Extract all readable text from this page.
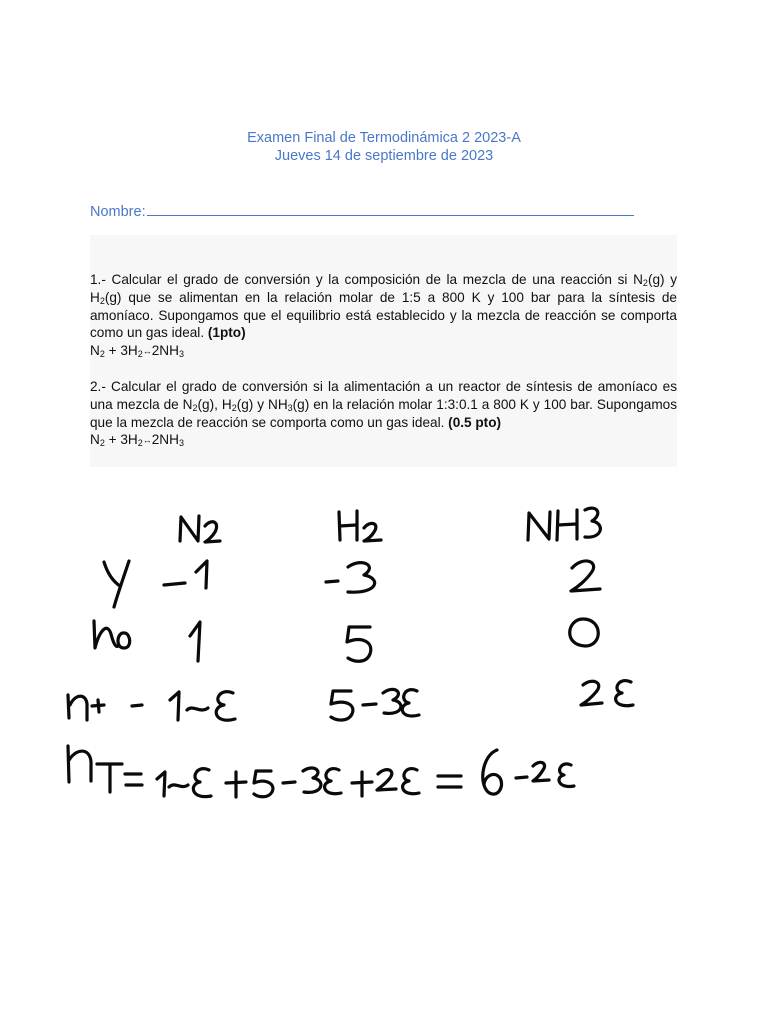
Examen Final de Termodinámica 2 2023-A
Jueves 14 de septiembre de 2023
Nombre:
1.- Calcular el grado de conversión y la composición de la mezcla de una reacción si $N_2(g)$ y $H_2(g)$ que se alimentan en la relación molar de 1:5 a 800 K y 100 bar para la síntesis de amoníaco. Supongamos que el equilibrio está establecido y la mezcla de reacción se comporta como un gas ideal. (1pto)
$N_2$ + $3H_2\leftrightarrow 2NH_3$
2.- Calcular el grado de conversión si la alimentación a un reactor de síntesis de amoníaco es una mezcla de $N_2(g)$, $H_2(g)$ y $NH_3(g)$ en la relación molar 1:3:0.1 a 800 K y 100 bar. Supongamos que la mezcla de reacción se comporta como un gas ideal. (0.5 pto)
$N_2$ + $3H_2\leftrightarrow 2NH_3$
